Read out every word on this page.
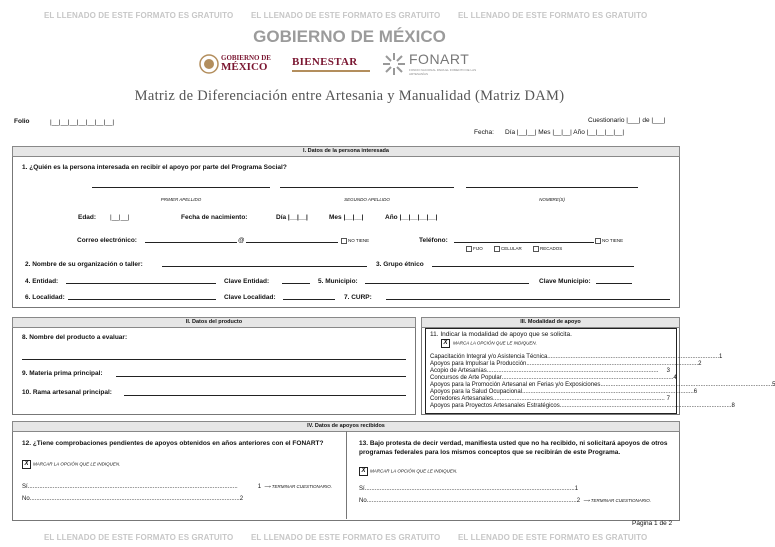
EL LLENADO DE ESTE FORMATO ES GRATUITO EL LLENADO DE ESTE FORMATO ES GRATUITO EL LLENADO DE ESTE FORMATO ES GRATUITO
GOBIERNO DE MÉXICO
GOBIERNO DE
MÉXICO BIENESTAR	FONART
FONDO NACIONAL PARA EL FOMENTO DE LAS ARTESANÍAS
Matriz de Diferenciación entre Artesania y Manualidad (Matriz DAM)
Folio	|__|__|__|__|__|__|__|	Cuestionario |___| de |___|
Fecha: Día |__|__| Mes |__|__| Año |__|__|__|__|
I. Datos de la persona interesada
1. ¿Quién es la persona interesada en recibir el apoyo por parte del Programa Social?
PRIMER APELLIDO	SEGUNDO APELLIDO	NOMBRE(S)
Edad: |__|__|	Fecha de nacimiento:	Día |__|__|	Mes |__|__|	Año |__|__|__|__|
Correo electrónico:	@	NO TIENE	Teléfono:	NO TIENE
FIJO	CELULAR	RECADOS
2. Nombre de su organización o taller:	3. Grupo étnico
4. Entidad:	Clave Entidad:	5. Municipio:	Clave Municipio:
6. Localidad:	Clave Localidad:	7. CURP:
II. Datos del producto
8. Nombre del producto a evaluar:
9. Materia prima principal:
10. Rama artesanal principal:
III. Modalidad de apoyo
11. Indicar la modalidad de apoyo que se solicita.
X MARCA LA OPCIÓN QUE LE INDIQUEN.
Capacitación Integral y/o Asistencia Técnica ....................................................................................................... 1
Apoyos para Impulsar la Producción ....................................................................................................... 2
Acopio de Artesanías .......................................................................................................	3
Concursos de Arte Popular ....................................................................................................... 4
Apoyos para la Promoción Artesanal en Ferias y/o Exposiciones ....................................................................................................... 5
Apoyos para la Salud Ocupacional ....................................................................................................... 6
Corredores Artesanales ....................................................................................................... 7
Apoyos para Proyectos Artesanales Estratégicos ....................................................................................................... 8
IV. Datos de apoyos recibidos
12. ¿Tiene comprobaciones pendientes de apoyos obtenidos en años anteriores con el FONART?
X MARCAR LA OPCIÓN QUE LE INDIQUEN.
Sí ..............................................................................................................................	1 ⟶ TERMINAR CUESTIONARIO.
No .............................................................................................................................. 2
13. Bajo protesta de decir verdad, manifiesta usted que no ha recibido, ni solicitará apoyos de otros programas federales para los mismos conceptos que se recibirán de este Programa.
X MARCAR LA OPCIÓN QUE LE INDIQUEN.
Sí .............................................................................................................................. 1
No .............................................................................................................................. 2 ⟶ TERMINAR CUESTIONARIO.
Página 1 de 2
EL LLENADO DE ESTE FORMATO ES GRATUITO EL LLENADO DE ESTE FORMATO ES GRATUITO EL LLENADO DE ESTE FORMATO ES GRATUITO
